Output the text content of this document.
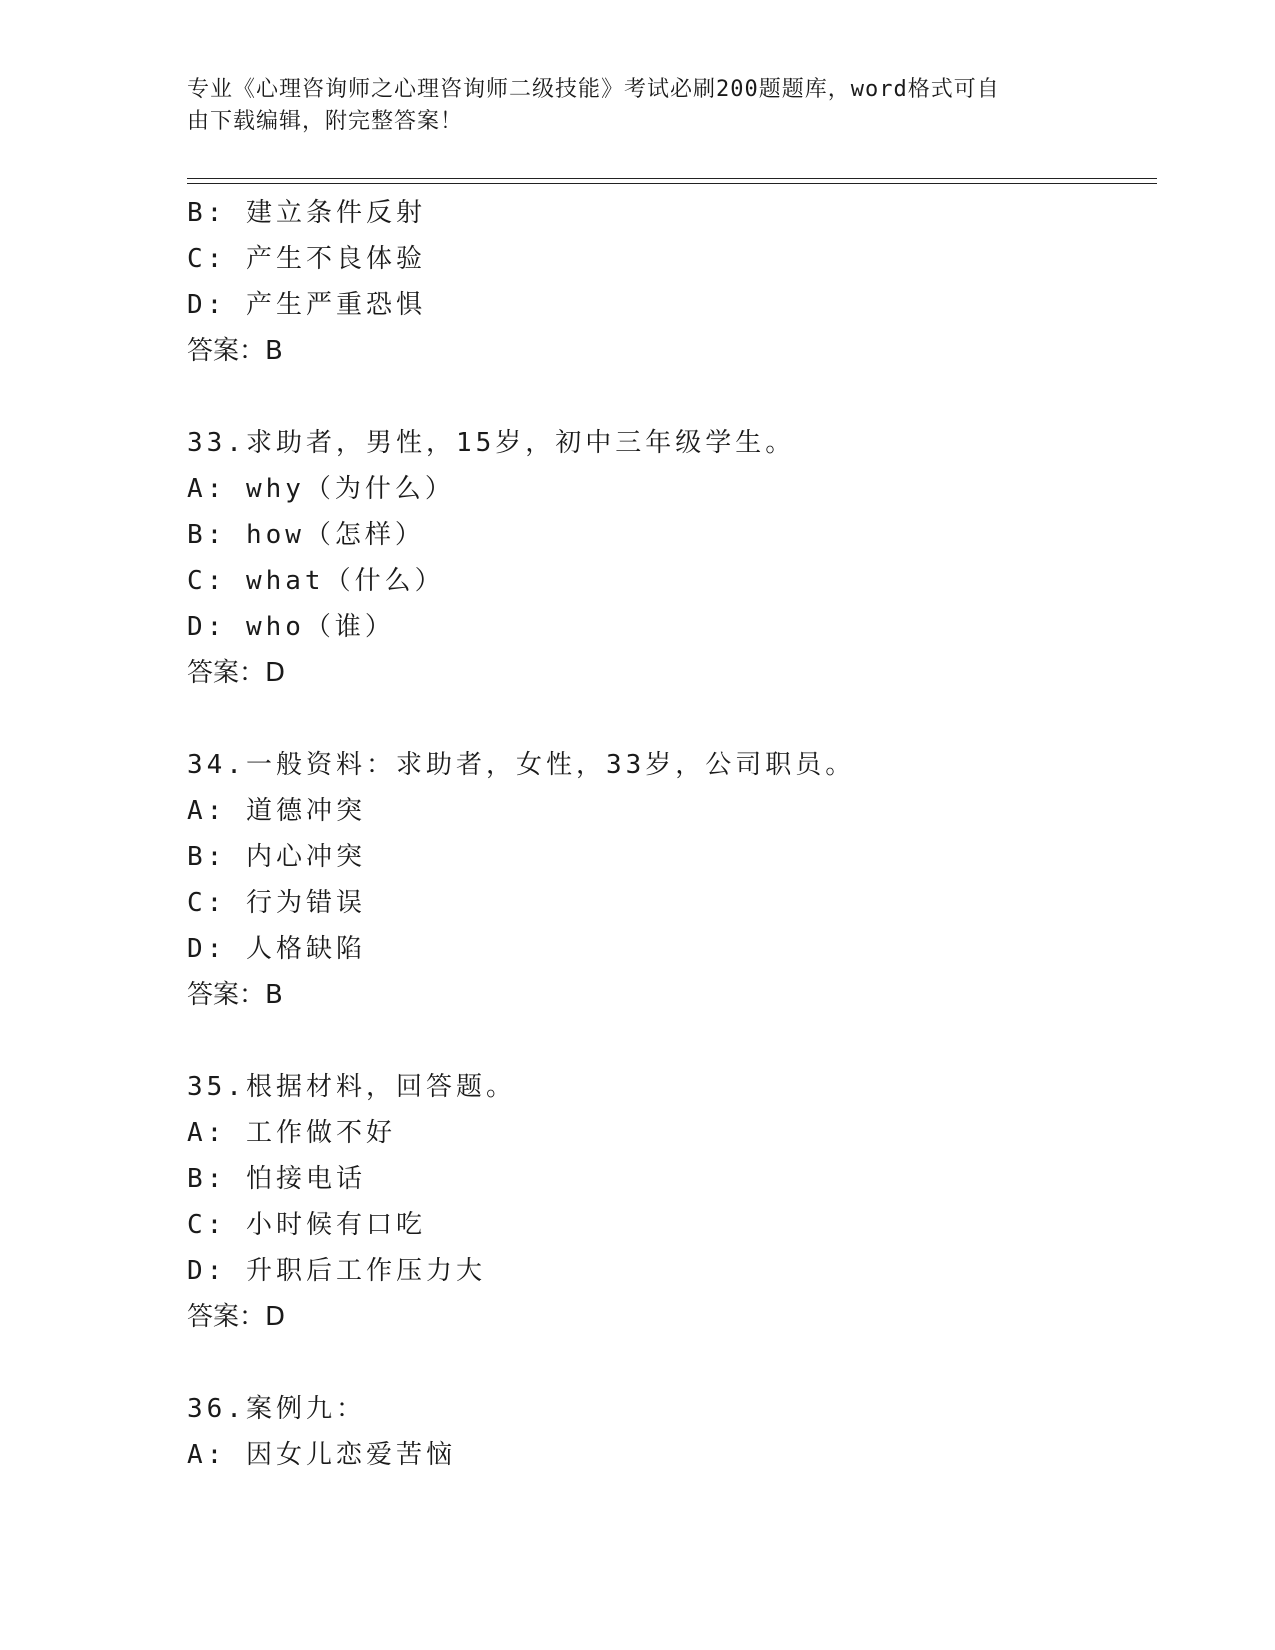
专业《心理咨询师之心理咨询师二级技能》考试必刷200题题库，word格式可自
由下载编辑，附完整答案！
B: 建立条件反射
C: 产生不良体验
D: 产生严重恐惧
答案：B
33.求助者，男性，15岁，初中三年级学生。
A: why（为什么）
B: how（怎样）
C: what（什么）
D: who（谁）
答案：D
34.一般资料：求助者，女性，33岁，公司职员。
A: 道德冲突
B: 内心冲突
C: 行为错误
D: 人格缺陷
答案：B
35.根据材料，回答题。
A: 工作做不好
B: 怕接电话
C: 小时候有口吃
D: 升职后工作压力大
答案：D
36.案例九：
A: 因女儿恋爱苦恼
